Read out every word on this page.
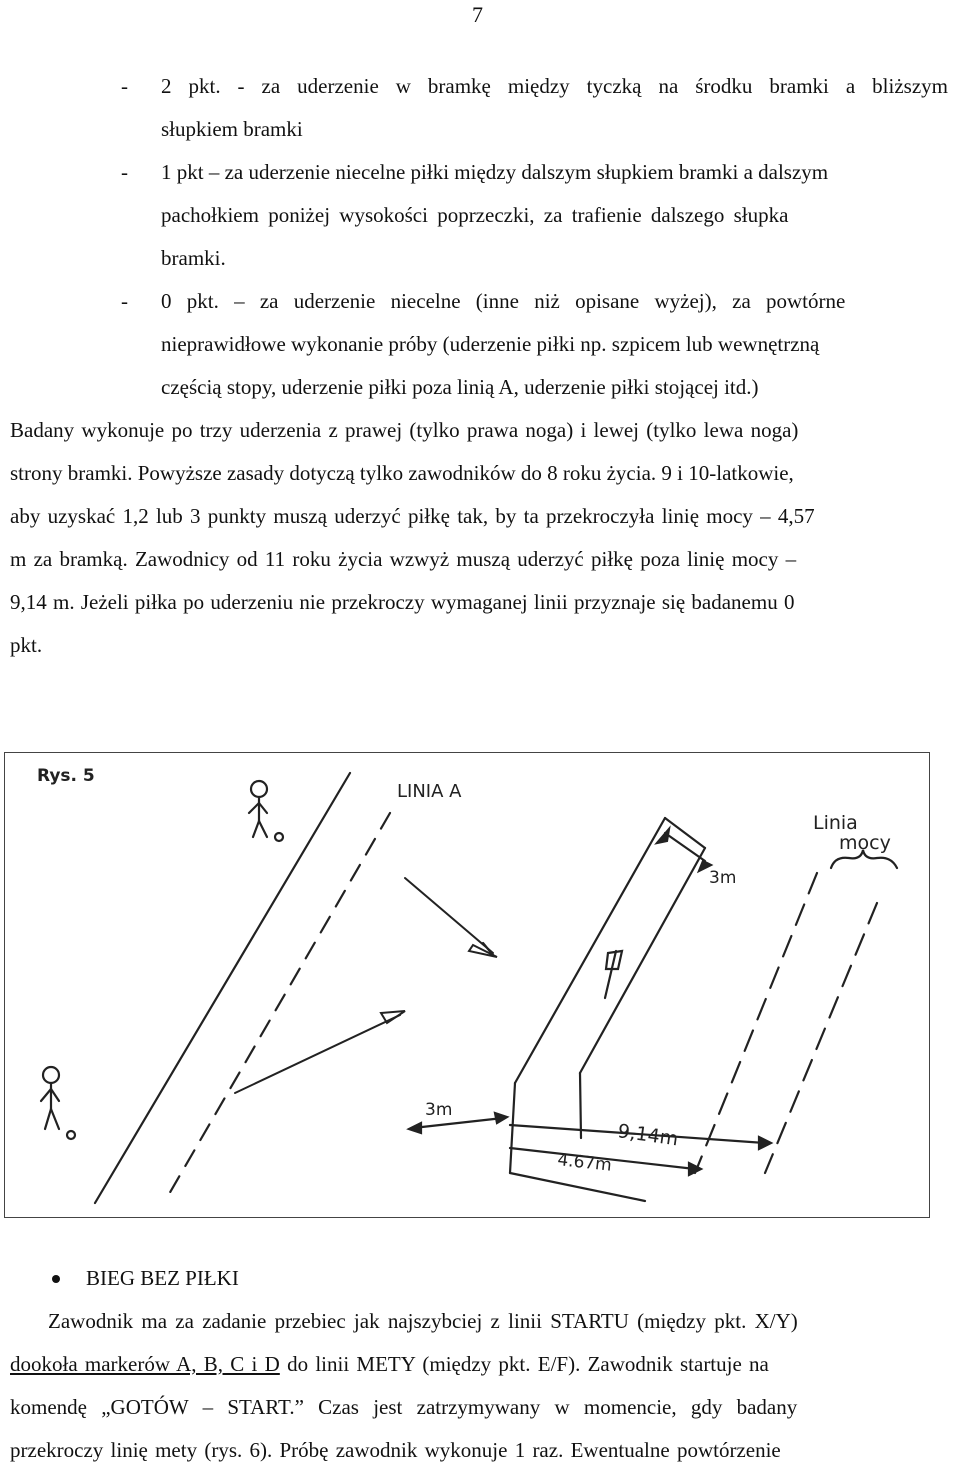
7
- 2 pkt. - za uderzenie w bramkę między tyczką na środku bramki a bliższym
słupkiem bramki
- 1 pkt – za uderzenie niecelne piłki między dalszym słupkiem bramki a dalszym
pachołkiem poniżej wysokości poprzeczki, za trafienie dalszego słupka
bramki.
- 0 pkt. – za uderzenie niecelne (inne niż opisane wyżej), za powtórne
nieprawidłowe wykonanie próby (uderzenie piłki np. szpicem lub wewnętrzną
częścią stopy, uderzenie piłki poza linią A, uderzenie piłki stojącej itd.)
Badany wykonuje po trzy uderzenia z prawej (tylko prawa noga) i lewej (tylko lewa noga)
strony bramki. Powyższe zasady dotyczą tylko zawodników do 8 roku życia. 9 i 10-latkowie,
aby uzyskać 1,2 lub 3 punkty muszą uderzyć piłkę tak, by ta przekroczyła linię mocy – 4,57
m za bramką. Zawodnicy od 11 roku życia wzwyż muszą uderzyć piłkę poza linię mocy –
9,14 m. Jeżeli piłka po uderzeniu nie przekroczy wymaganej linii przyznaje się badanemu 0
pkt.
Rys. 5
LINIA A
Linia
mocy
3m
3m
9,14m
4.67m
BIEG BEZ PIŁKI
Zawodnik ma za zadanie przebiec jak najszybciej z linii STARTU (między pkt. X/Y)
dookoła markerów A, B, C i D do linii METY (między pkt. E/F). Zawodnik startuje na
komendę „GOTÓW – START.” Czas jest zatrzymywany w momencie, gdy badany
przekroczy linię mety (rys. 6). Próbę zawodnik wykonuje 1 raz. Ewentualne powtórzenie
